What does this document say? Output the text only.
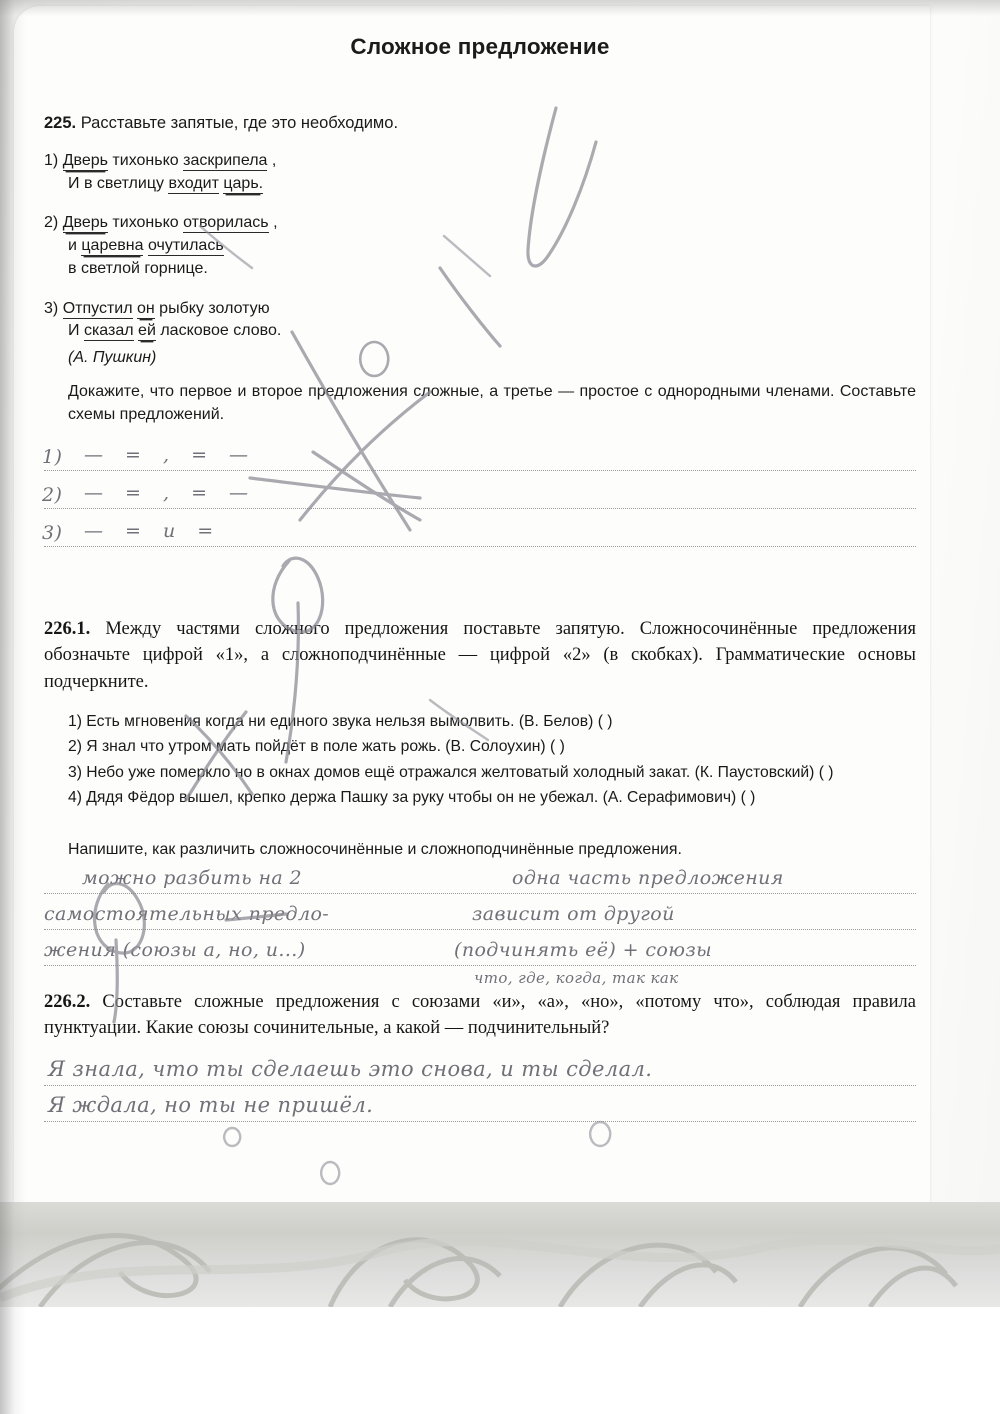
Сложное предложение
225. Расставьте запятые, где это необходимо.
1) Дверь тихонько заскрипела ,
И в светлицу входит царь.
2) Дверь тихонько отворилась ,
и царевна очутилась
в светлой горнице.
3) Отпустил он рыбку золотую
И сказал ей ласковое слово.
(А. Пушкин)
Докажите, что первое и второе предложения сложные, а третье — простое с однородными членами. Составьте схемы предложений.
1)
2)
3)
— = , = —
— = , = —
— = и =
226.1. Между частями сложного предложения поставьте запятую. Сложносочинённые предложения обозначьте цифрой «1», а сложноподчинённые — цифрой «2» (в скобках). Грамматические основы подчеркните.
1) Есть мгновения когда ни единого звука нельзя вымолвить. (В. Белов) ( )
2) Я знал что утром мать пойдёт в поле жать рожь. (В. Солоухин) ( )
3) Небо уже померкло но в окнах домов ещё отражался желтоватый холодный закат. (К. Паустовский) ( )
4) Дядя Фёдор вышел, крепко держа Пашку за руку чтобы он не убежал. (А. Серафимович) ( )
Напишите, как различить сложносочинённые и сложноподчинённые предложения.
можно разбить на 2
самостоятельных предло-
жения (союзы а, но, и...)
одна часть предложения
зависит от другой
(подчинять её) + союзы
что, где, когда, так как
226.2. Составьте сложные предложения с союзами «и», «а», «но», «потому что», соблюдая правила пунктуации. Какие союзы сочинительные, а какой — подчинительный?
Я знала, что ты сделаешь это снова, и ты сделал.
Я ждала, но ты не пришёл.
